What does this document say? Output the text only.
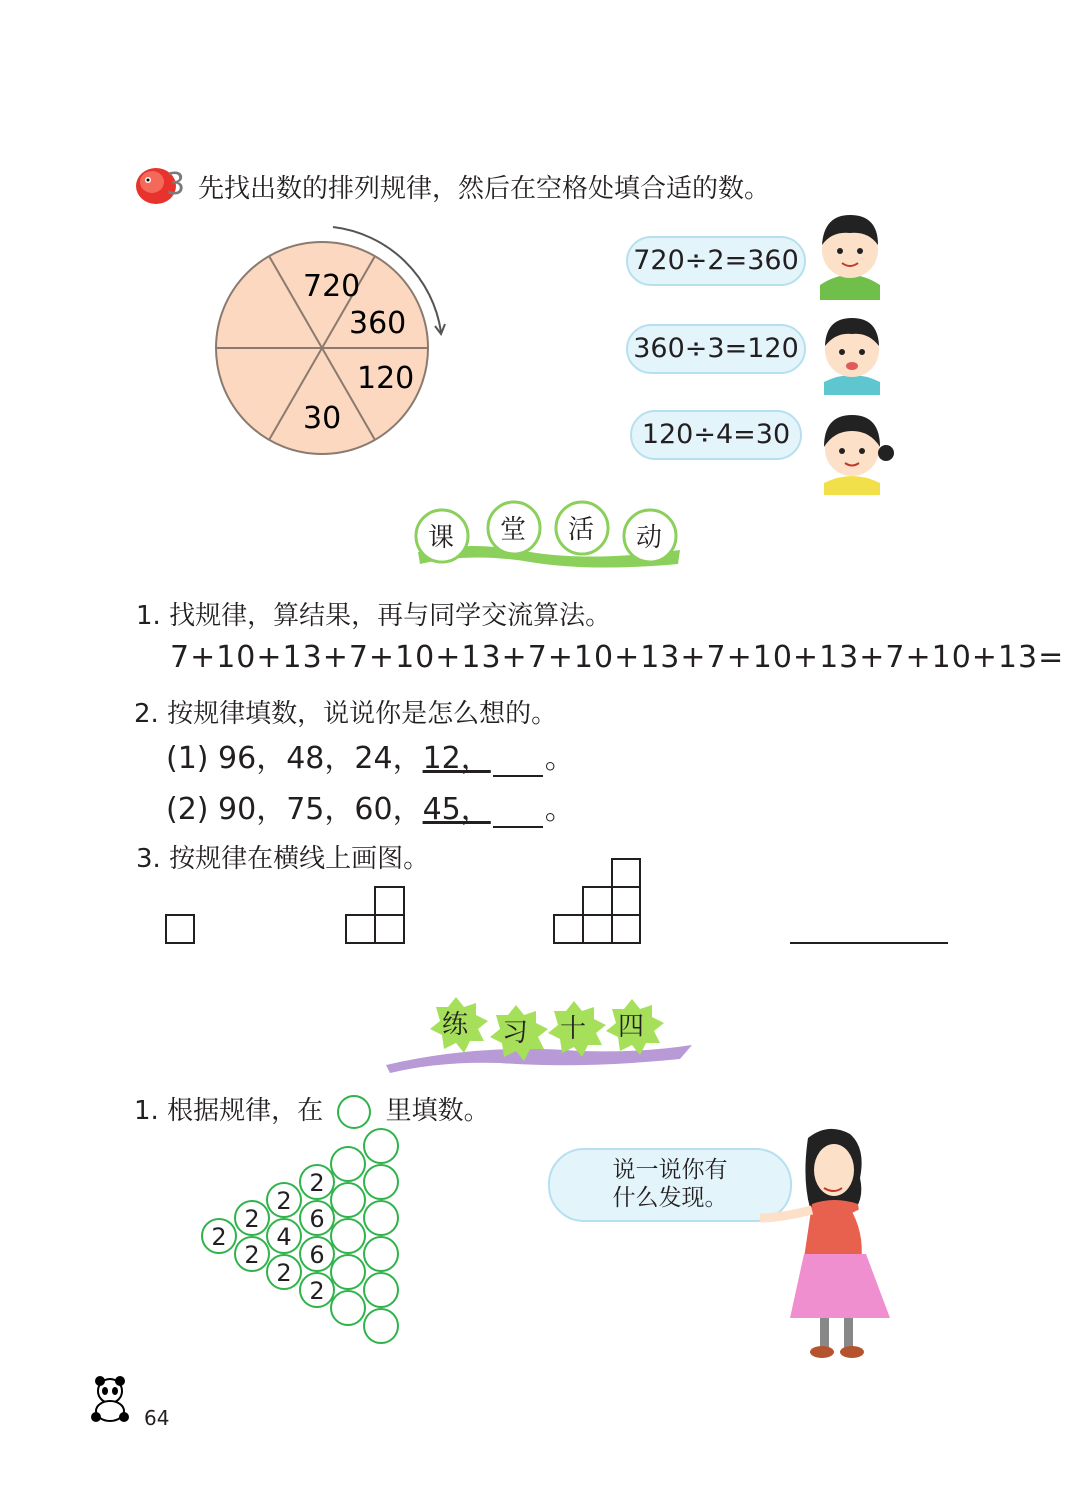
3 先找出数的排列规律，然后在空格处填合适的数。
720
360
120
30
720÷2=360
360÷3=120
120÷4=30
课 堂 活 动
1. 找规律，算结果，再与同学交流算法。
7+10+13+7+10+13+7+10+13+7+10+13+7+10+13=
2. 按规律填数，说说你是怎么想的。
(1) 96，48，24，12， 。
(2) 90，75，60，45， 。
3. 按规律在横线上画图。
练 习 十 四
1. 根据规律，在 里填数。
2
2
2
2
4
2
2
6
6
2
说一说你有
什么发现。
64
